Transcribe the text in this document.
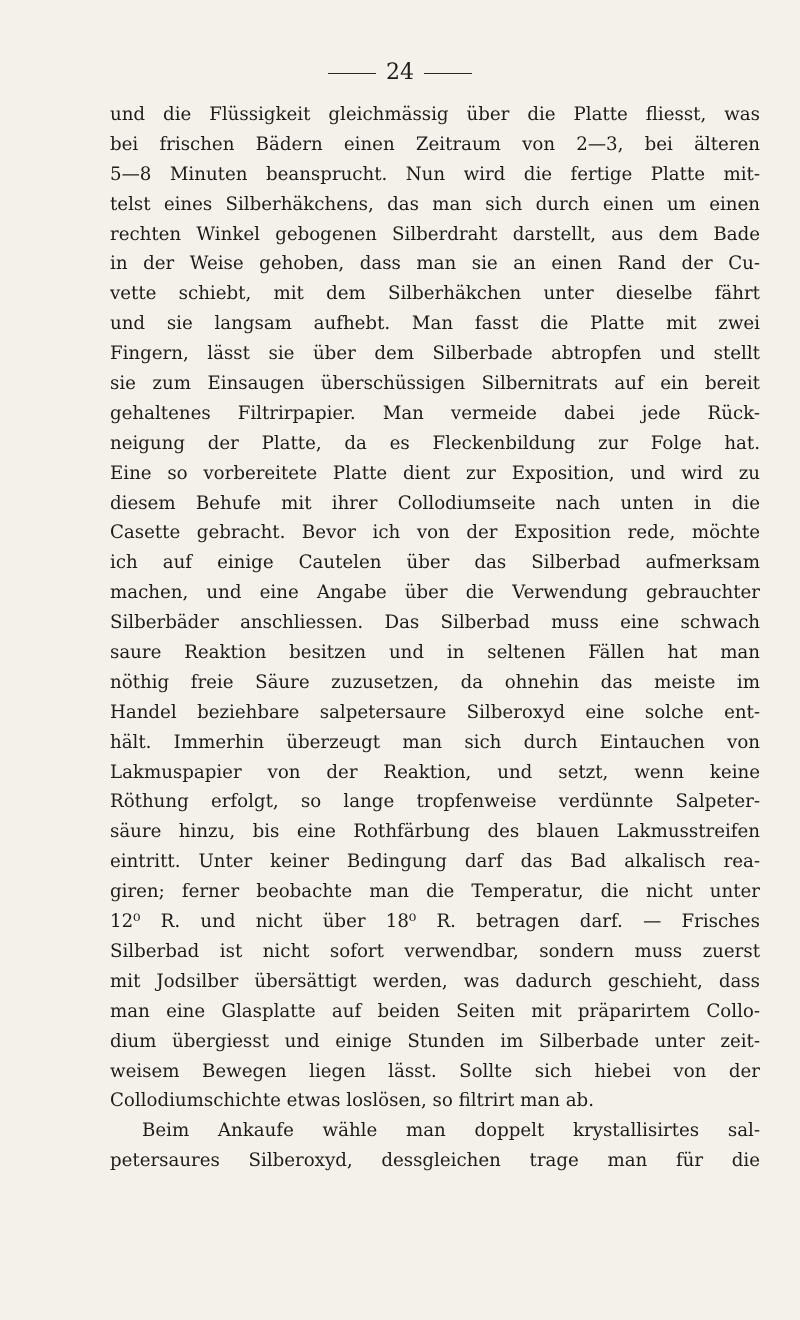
24
und die Flüssigkeit gleichmässig über die Platte fliesst, was
bei frischen Bädern einen Zeitraum von 2—3, bei älteren
5—8 Minuten beansprucht. Nun wird die fertige Platte mit-
telst eines Silberhäkchens, das man sich durch einen um einen
rechten Winkel gebogenen Silberdraht darstellt, aus dem Bade
in der Weise gehoben, dass man sie an einen Rand der Cu-
vette schiebt, mit dem Silberhäkchen unter dieselbe fährt
und sie langsam aufhebt. Man fasst die Platte mit zwei
Fingern, lässt sie über dem Silberbade abtropfen und stellt
sie zum Einsaugen überschüssigen Silbernitrats auf ein bereit
gehaltenes Filtrirpapier. Man vermeide dabei jede Rück-
neigung der Platte, da es Fleckenbildung zur Folge hat.
Eine so vorbereitete Platte dient zur Exposition, und wird zu
diesem Behufe mit ihrer Collodiumseite nach unten in die
Casette gebracht. Bevor ich von der Exposition rede, möchte
ich auf einige Cautelen über das Silberbad aufmerksam
machen, und eine Angabe über die Verwendung gebrauchter
Silberbäder anschliessen. Das Silberbad muss eine schwach
saure Reaktion besitzen und in seltenen Fällen hat man
nöthig freie Säure zuzusetzen, da ohnehin das meiste im
Handel beziehbare salpetersaure Silberoxyd eine solche ent-
hält. Immerhin überzeugt man sich durch Eintauchen von
Lakmuspapier von der Reaktion, und setzt, wenn keine
Röthung erfolgt, so lange tropfenweise verdünnte Salpeter-
säure hinzu, bis eine Rothfärbung des blauen Lakmusstreifen
eintritt. Unter keiner Bedingung darf das Bad alkalisch rea-
giren; ferner beobachte man die Temperatur, die nicht unter
12⁰ R. und nicht über 18⁰ R. betragen darf. — Frisches
Silberbad ist nicht sofort verwendbar, sondern muss zuerst
mit Jodsilber übersättigt werden, was dadurch geschieht, dass
man eine Glasplatte auf beiden Seiten mit präparirtem Collo-
dium übergiesst und einige Stunden im Silberbade unter zeit-
weisem Bewegen liegen lässt. Sollte sich hiebei von der
Collodiumschichte etwas loslösen, so filtrirt man ab.
Beim Ankaufe wähle man doppelt krystallisirtes sal-
petersaures Silberoxyd, dessgleichen trage man für die
